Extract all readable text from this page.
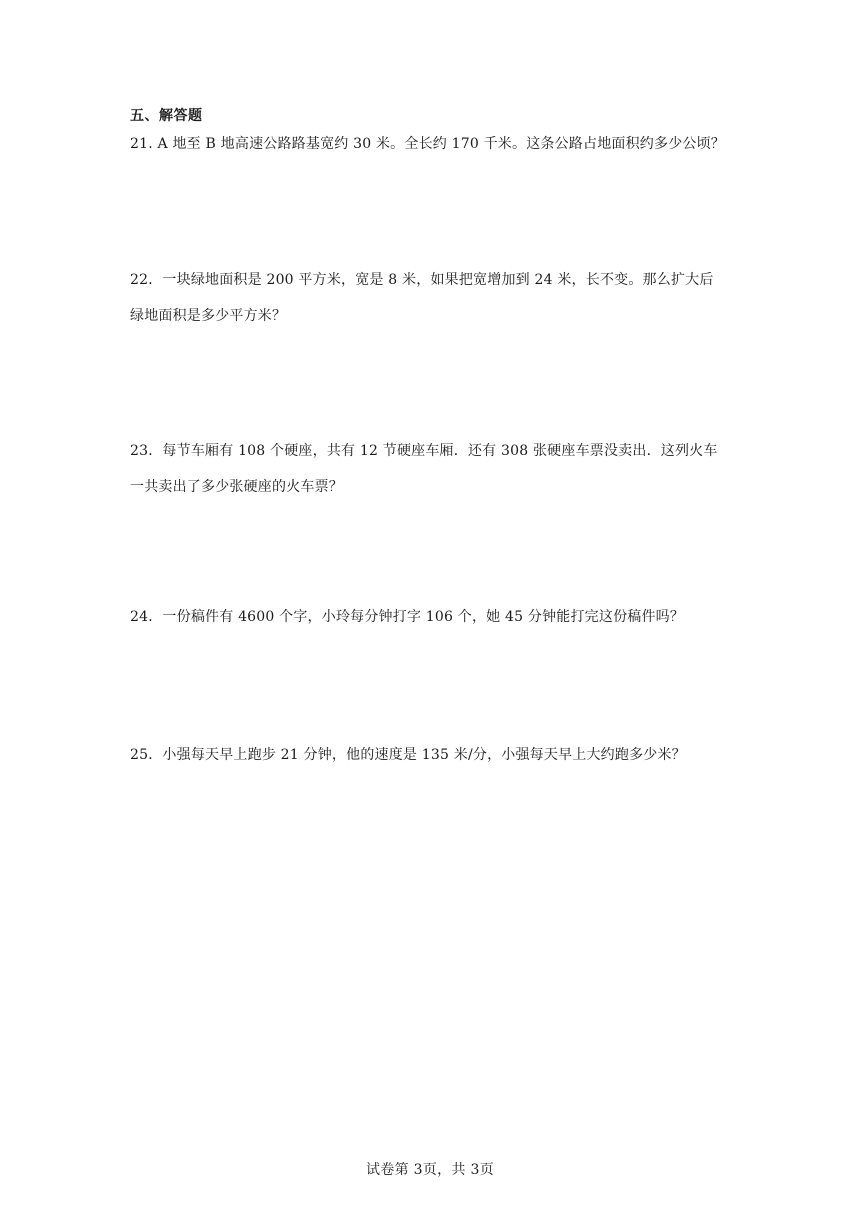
五、解答题
21. A 地至 B 地高速公路路基宽约 30 米。全长约 170 千米。这条公路占地面积约多少公顷？
22．一块绿地面积是 200 平方米，宽是 8 米，如果把宽增加到 24 米，长不变。那么扩大后
绿地面积是多少平方米？
23．每节车厢有 108 个硬座，共有 12 节硬座车厢．还有 308 张硬座车票没卖出．这列火车
一共卖出了多少张硬座的火车票？
24．一份稿件有 4600 个字，小玲每分钟打字 106 个，她 45 分钟能打完这份稿件吗？
25．小强每天早上跑步 21 分钟，他的速度是 135 米/分，小强每天早上大约跑多少米？
试卷第 3页，共 3页
